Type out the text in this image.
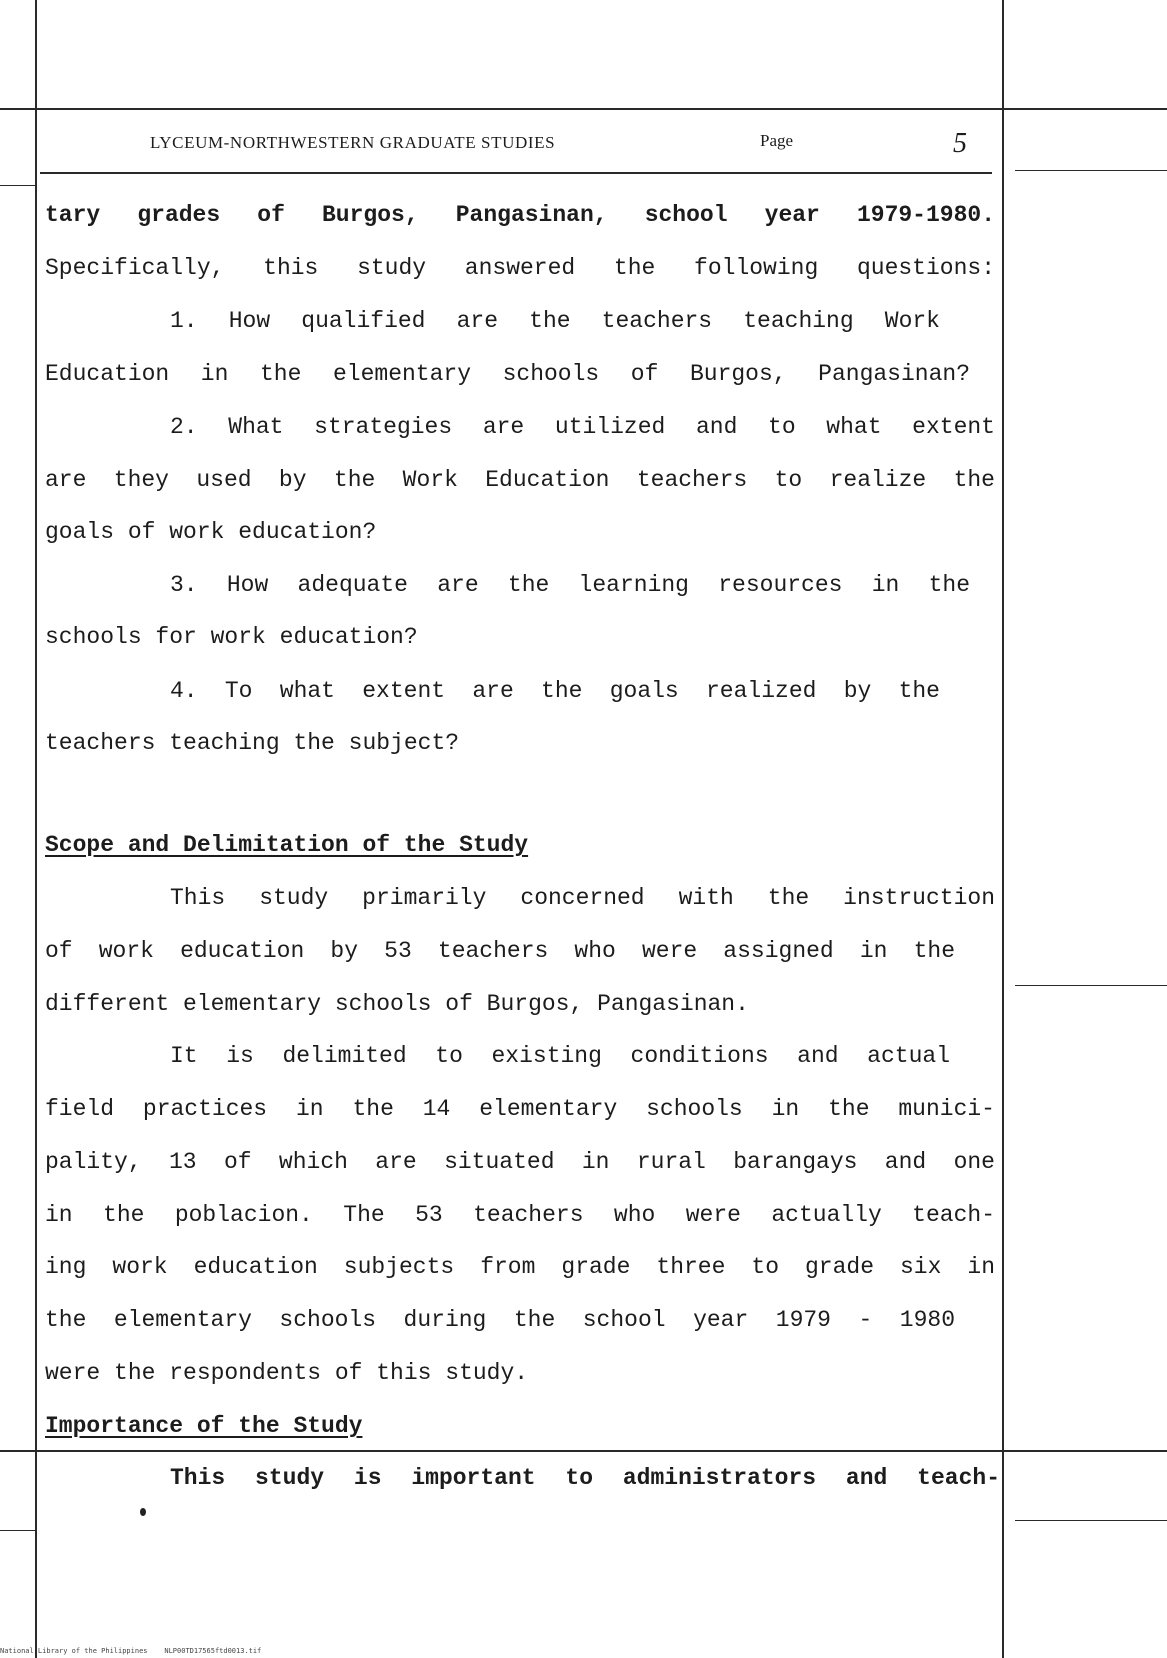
LYCEUM-NORTHWESTERN GRADUATE STUDIES	Page	5
tary grades of Burgos, Pangasinan, school year 1979-1980.
Specifically, this study answered the following questions:
1. How qualified are the teachers teaching Work
Education in the elementary schools of Burgos, Pangasinan?
2. What strategies are utilized and to what extent
are they used by the Work Education teachers to realize the
goals of work education?
3. How adequate are the learning resources in the
schools for work education?
4. To what extent are the goals realized by the
teachers teaching the subject?
Scope and Delimitation of the Study
This study primarily concerned with the instruction
of work education by 53 teachers who were assigned in the
different elementary schools of Burgos, Pangasinan.
It is delimited to existing conditions and actual
field practices in the 14 elementary schools in the munici-
pality, 13 of which are situated in rural barangays and one
in the poblacion. The 53 teachers who were actually teach-
ing work education subjects from grade three to grade six in
the elementary schools during the school year 1979 - 1980
were the respondents of this study.
Importance of the Study
This study is important to administrators and teach-
National Library of the Philippines NLP00TD17565ftd0013.tif
